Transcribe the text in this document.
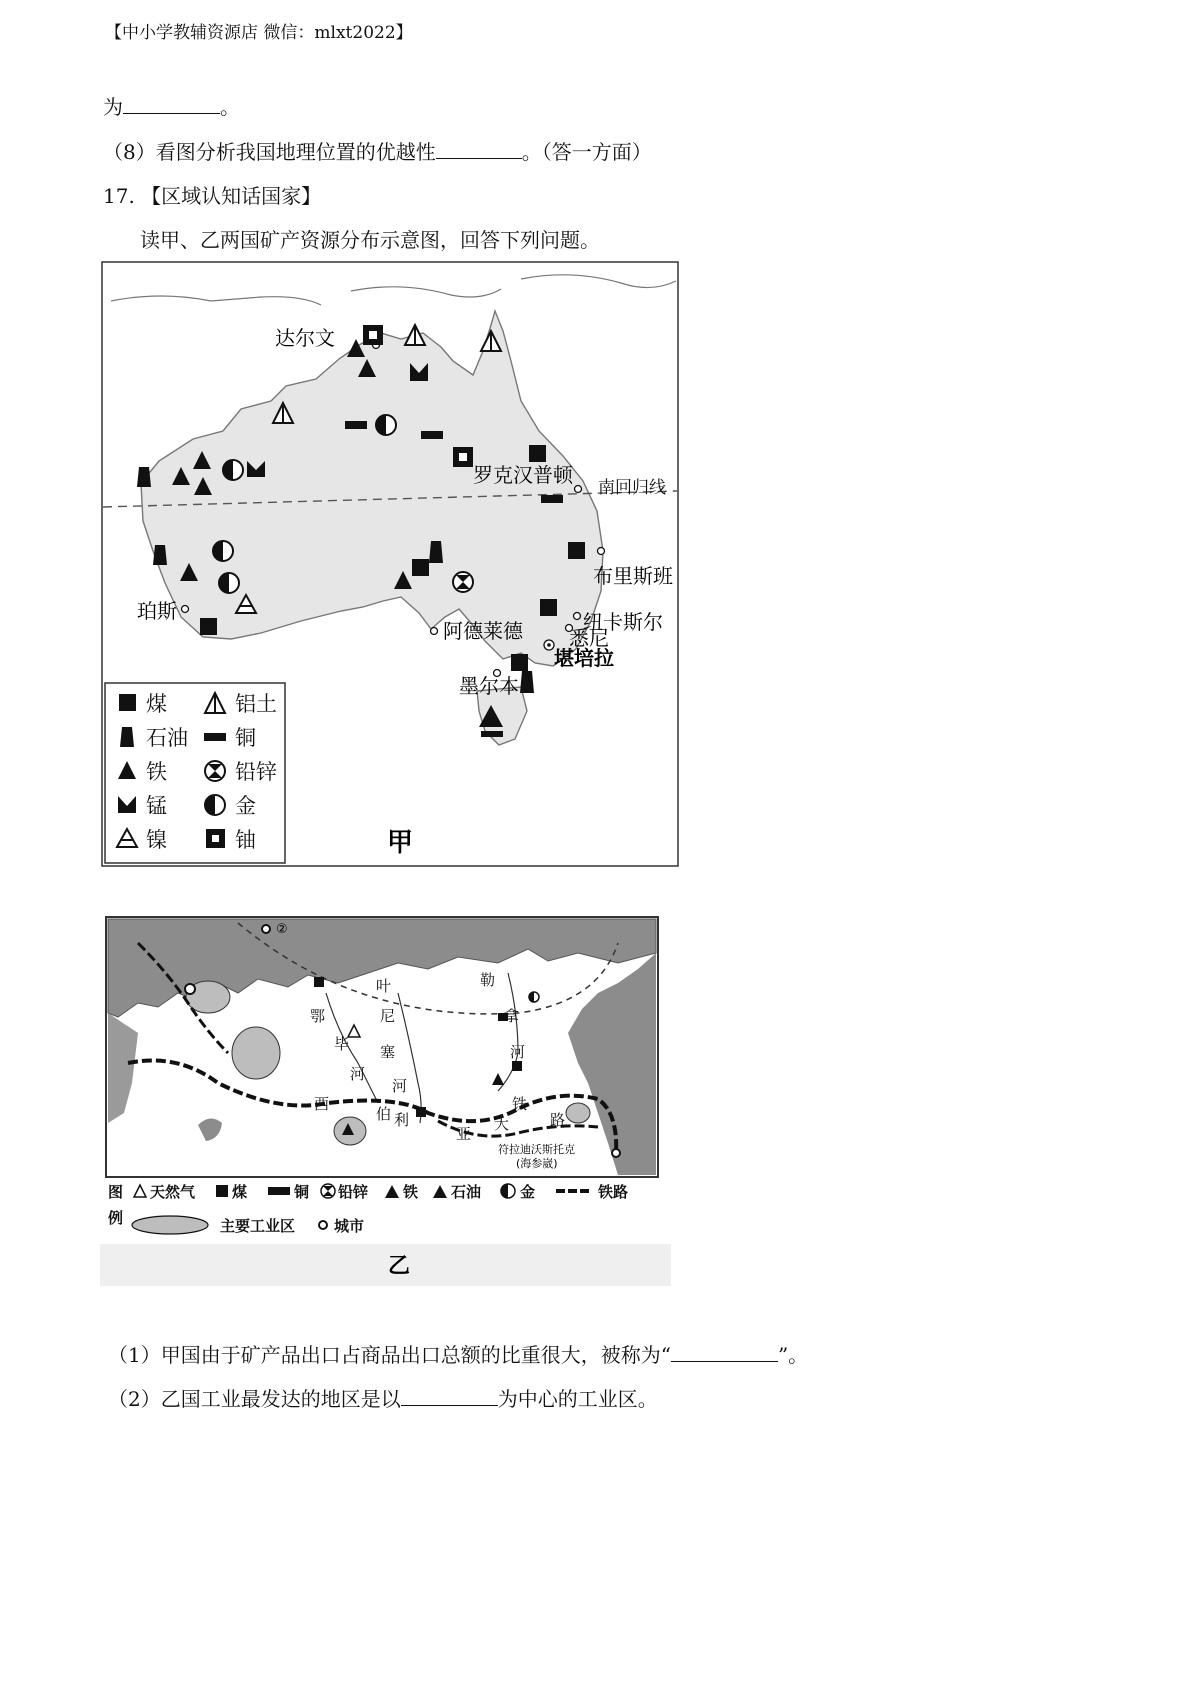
【中小学教辅资源店 微信：mlxt2022】
为	。
（8）看图分析我国地理位置的优越性	。（答一方面）
17. 【区域认知话国家】
读甲、乙两国矿产资源分布示意图，回答下列问题。
南回归线
达尔文
罗克汉普顿
布里斯班
珀斯
阿德莱德	纽卡斯尔
悉尼
堪培拉
墨尔本
煤	铝土
石油 铜
铁	铅锌
锰	金
镍	铀	甲
②
叶
尼
塞
河
鄂
毕
河
勒
拿
河
西
伯 利
亚
大
铁
路
符拉迪沃斯托克
(海参崴)
图
例
天然气 煤	铜 铅锌 铁 石油	金	铁路
主要工业区	城市
乙
（1）甲国由于矿产品出口占商品出口总额的比重很大，被称为“	”。
（2）乙国工业最发达的地区是以	为中心的工业区。
